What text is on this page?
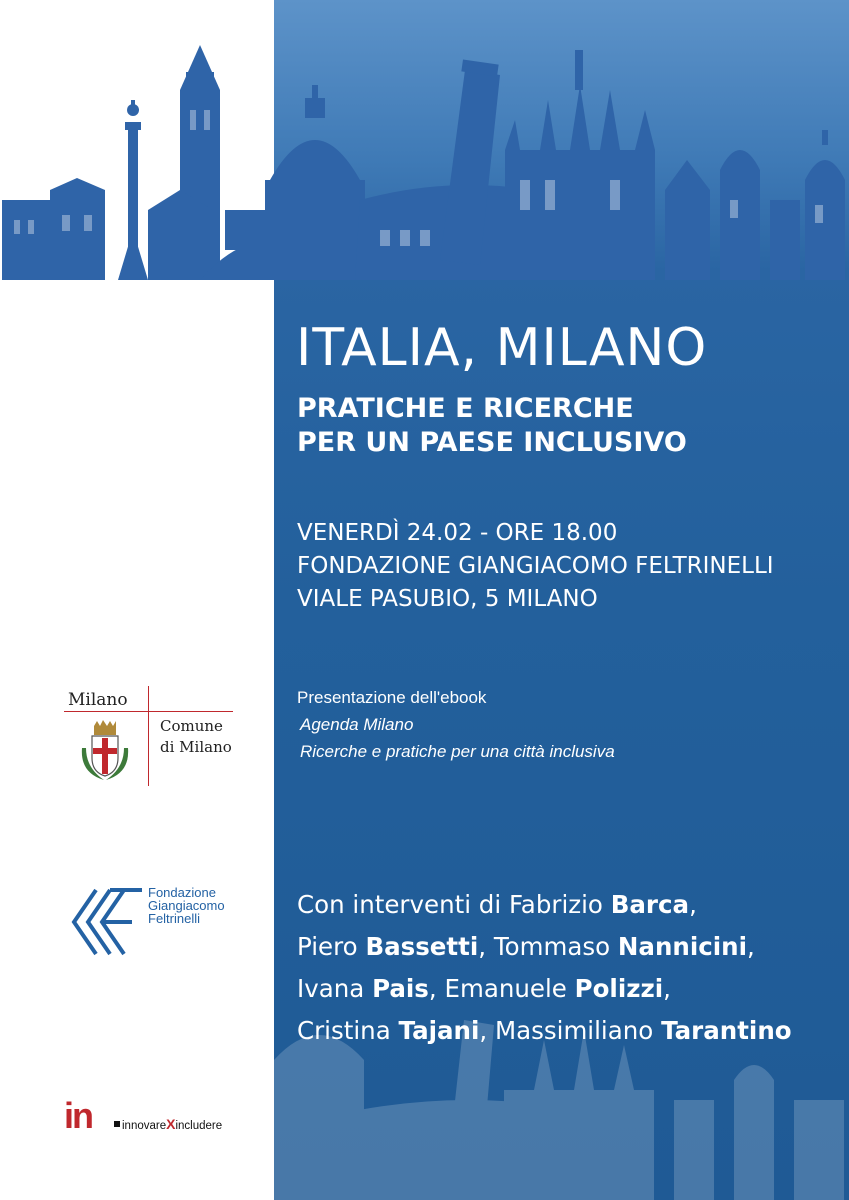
ITALIA, MILANO
PRATICHE E RICERCHE
PER UN PAESE INCLUSIVO
VENERDÌ 24.02 - ORE 18.00
FONDAZIONE GIANGIACOMO FELTRINELLI
VIALE PASUBIO, 5 MILANO
Presentazione dell'ebook
Agenda Milano
Ricerche e pratiche per una città inclusiva
Con interventi di Fabrizio Barca,
Piero Bassetti, Tommaso Nannicini,
Ivana Pais, Emanuele Polizzi,
Cristina Tajani, Massimiliano Tarantino
Milano
Comune
di Milano
Fondazione
Giangiacomo
Feltrinelli
in	innovareXincludere
